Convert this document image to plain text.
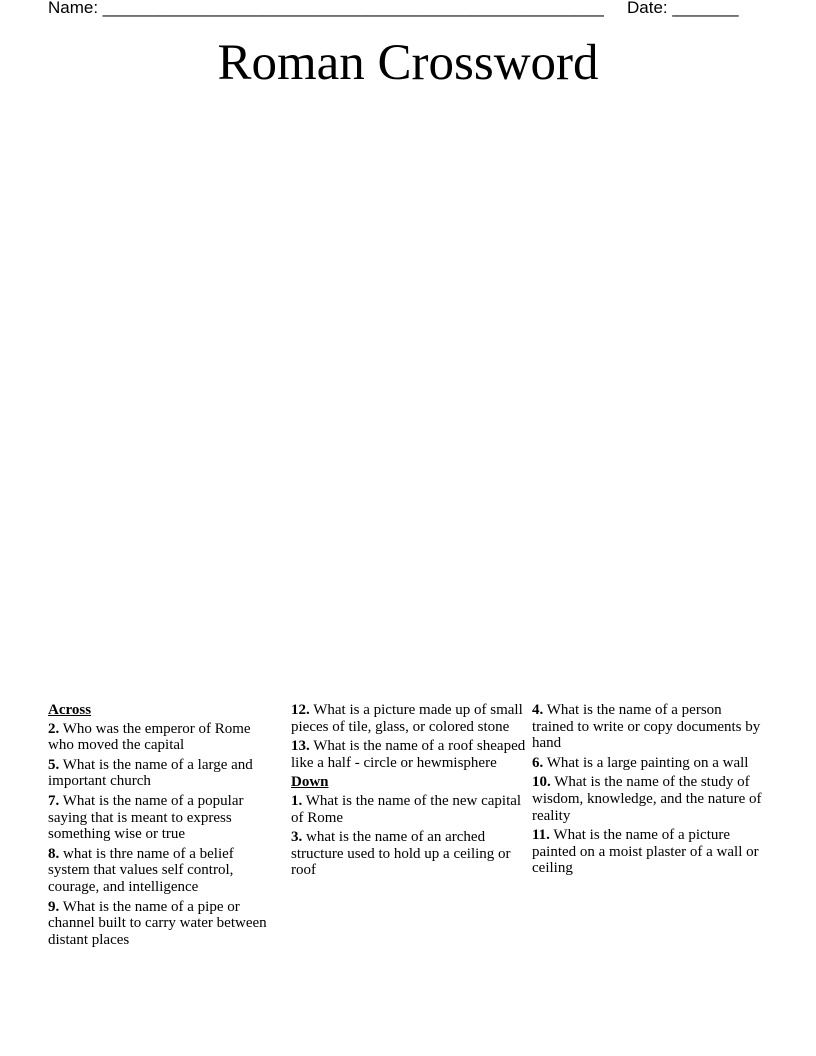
Name: _____________________________________________________ Date: _______
Roman Crossword
Across
2. Who was the emperor of Rome who moved the capital
5. What is the name of a large and important church
7. What is the name of a popular saying that is meant to express something wise or true
8. what is thre name of a belief system that values self control, courage, and intelligence
9. What is the name of a pipe or channel built to carry water between distant places
12. What is a picture made up of small pieces of tile, glass, or colored stone
13. What is the name of a roof sheaped like a half - circle or hewmisphere
Down
1. What is the name of the new capital of Rome
3. what is the name of an arched structure used to hold up a ceiling or roof
4. What is the name of a person trained to write or copy documents by hand
6. What is a large painting on a wall
10. What is the name of the study of wisdom, knowledge, and the nature of reality
11. What is the name of a picture painted on a moist plaster of a wall or ceiling
